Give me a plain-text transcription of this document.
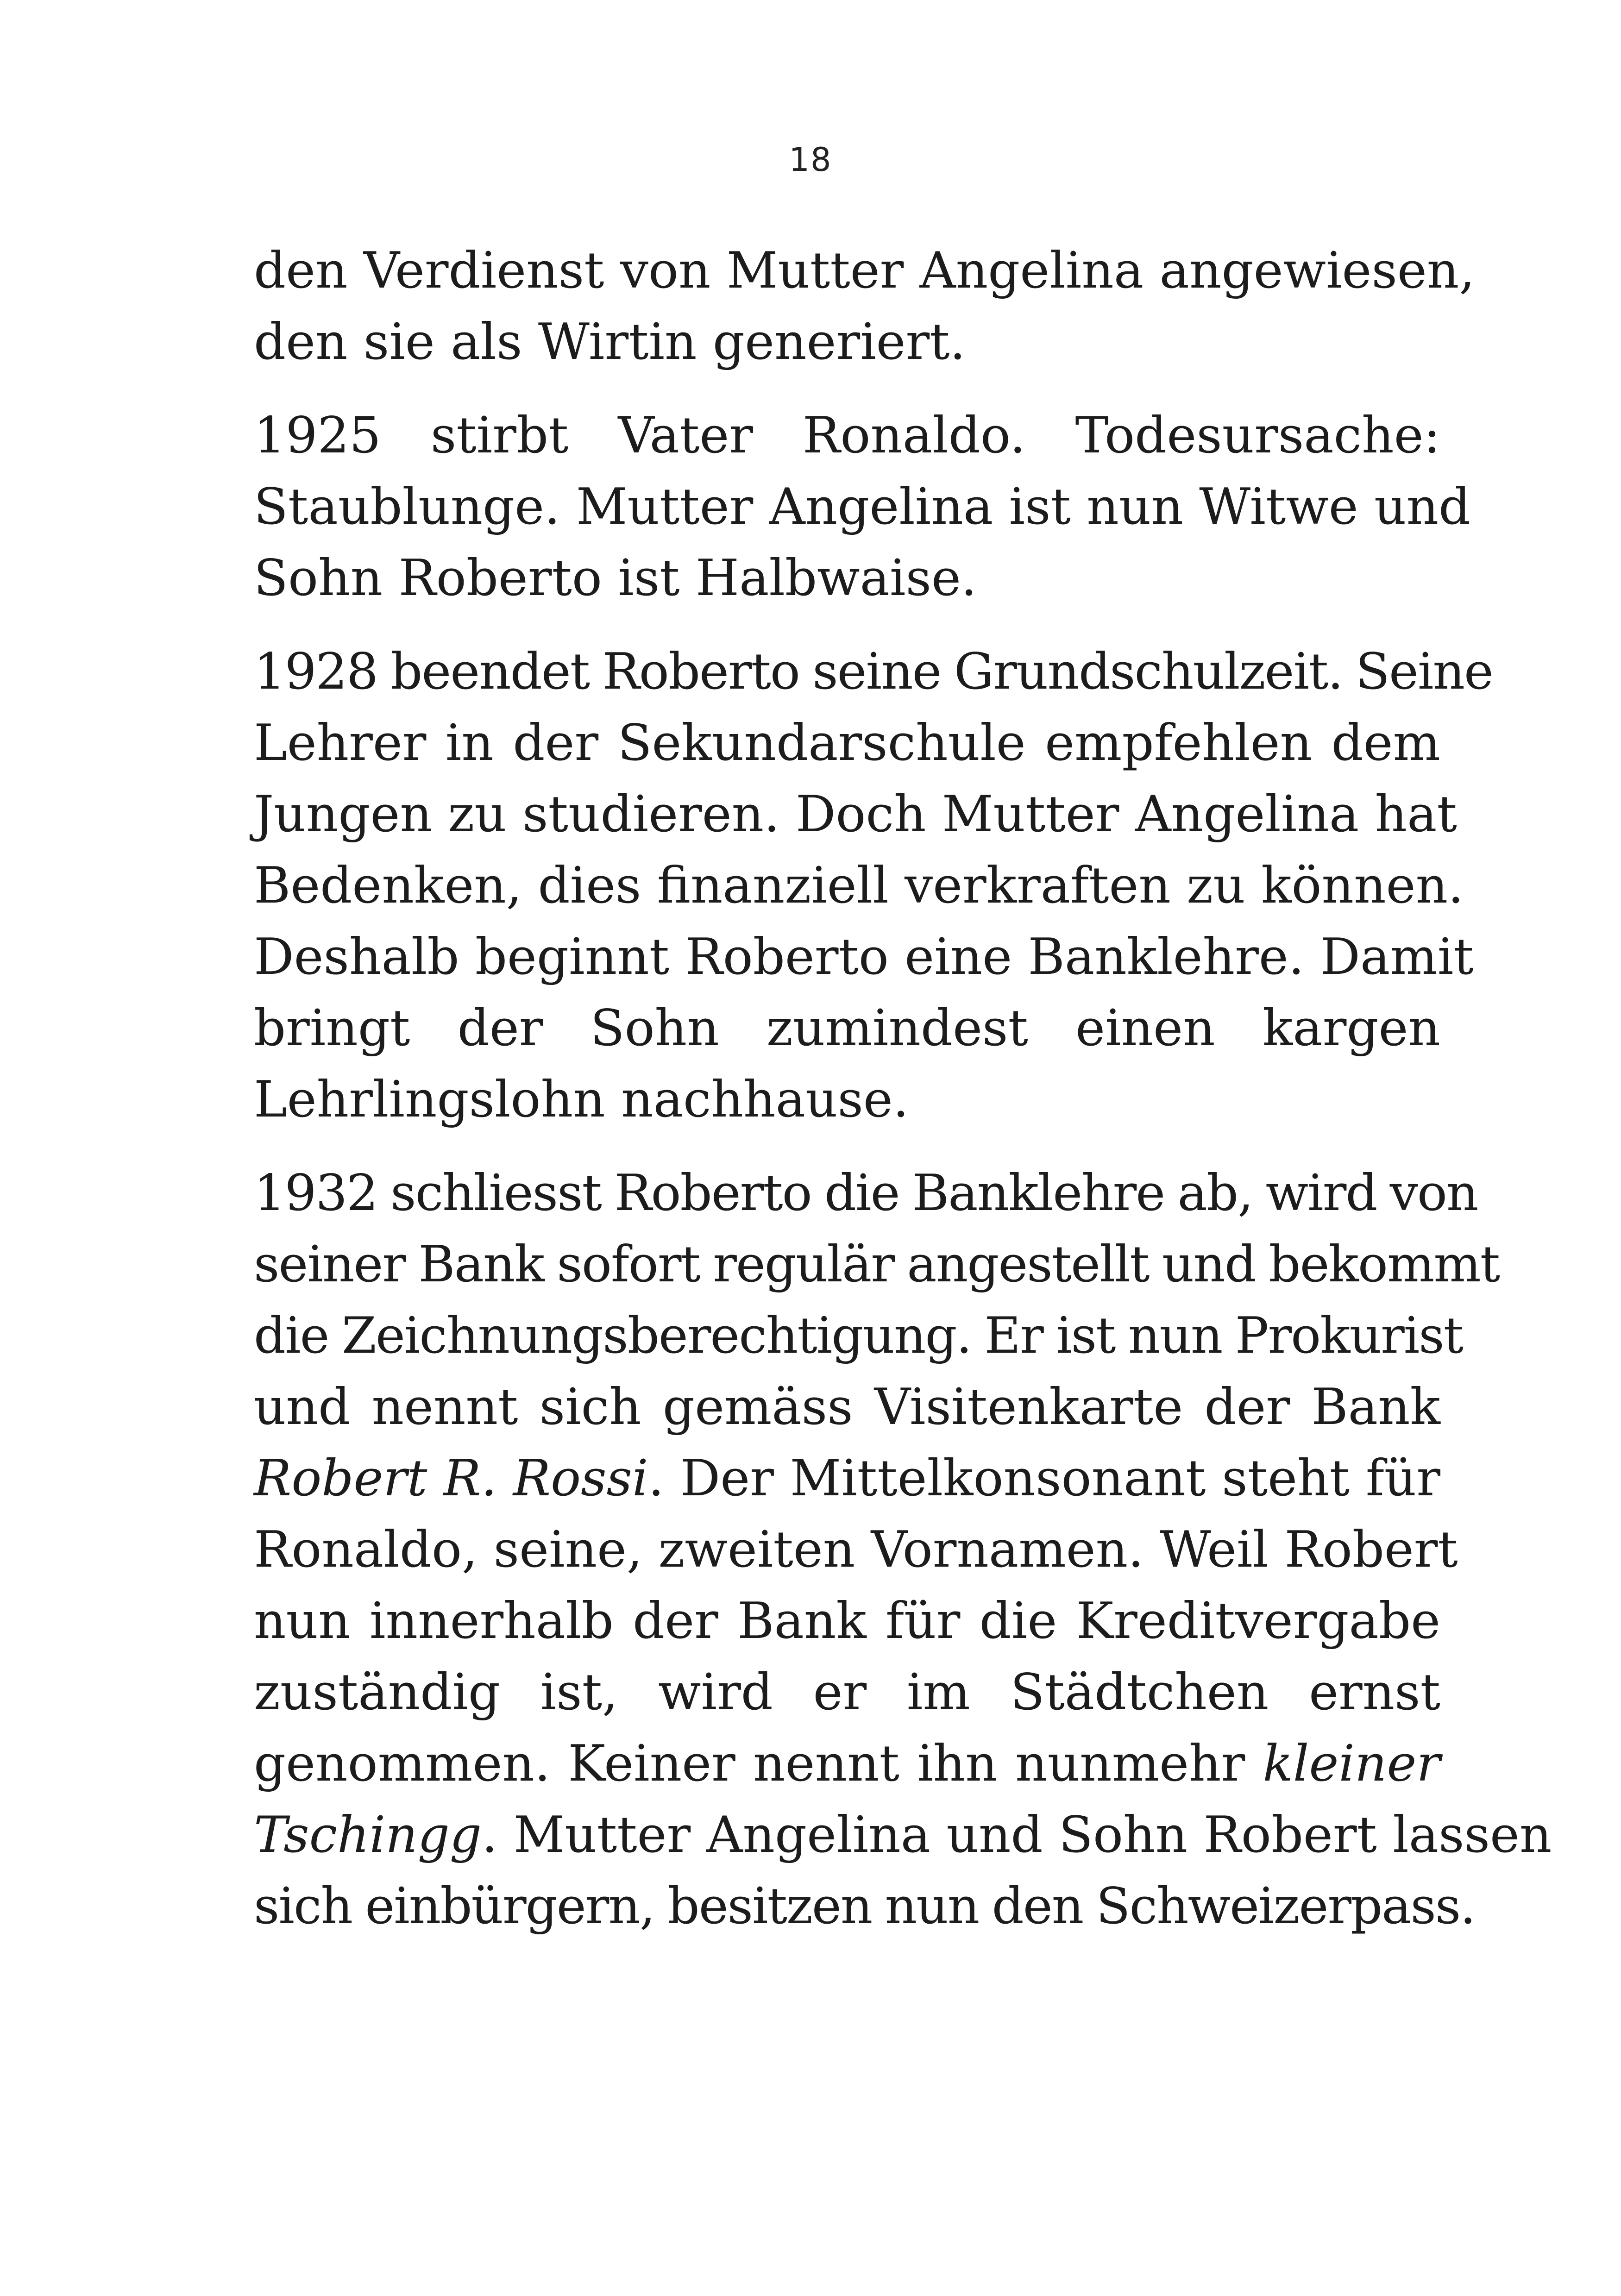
18
den Verdienst von Mutter Angelina angewiesen,
den sie als Wirtin generiert.
1925 stirbt Vater Ronaldo. Todesursache:
Staublunge. Mutter Angelina ist nun Witwe und
Sohn Roberto ist Halbwaise.
1928 beendet Roberto seine Grundschulzeit. Seine
Lehrer in der Sekundarschule empfehlen dem
Jungen zu studieren. Doch Mutter Angelina hat
Bedenken, dies finanziell verkraften zu können.
Deshalb beginnt Roberto eine Banklehre. Damit
bringt der Sohn zumindest einen kargen
Lehrlingslohn nachhause.
1932 schliesst Roberto die Banklehre ab, wird von
seiner Bank sofort regulär angestellt und bekommt
die Zeichnungsberechtigung. Er ist nun Prokurist
und nennt sich gemäss Visitenkarte der Bank
Robert R. Rossi. Der Mittelkonsonant steht für
Ronaldo, seine, zweiten Vornamen. Weil Robert
nun innerhalb der Bank für die Kreditvergabe
zuständig ist, wird er im Städtchen ernst
genommen. Keiner nennt ihn nunmehr kleiner
Tschingg. Mutter Angelina und Sohn Robert lassen
sich einbürgern, besitzen nun den Schweizerpass.
